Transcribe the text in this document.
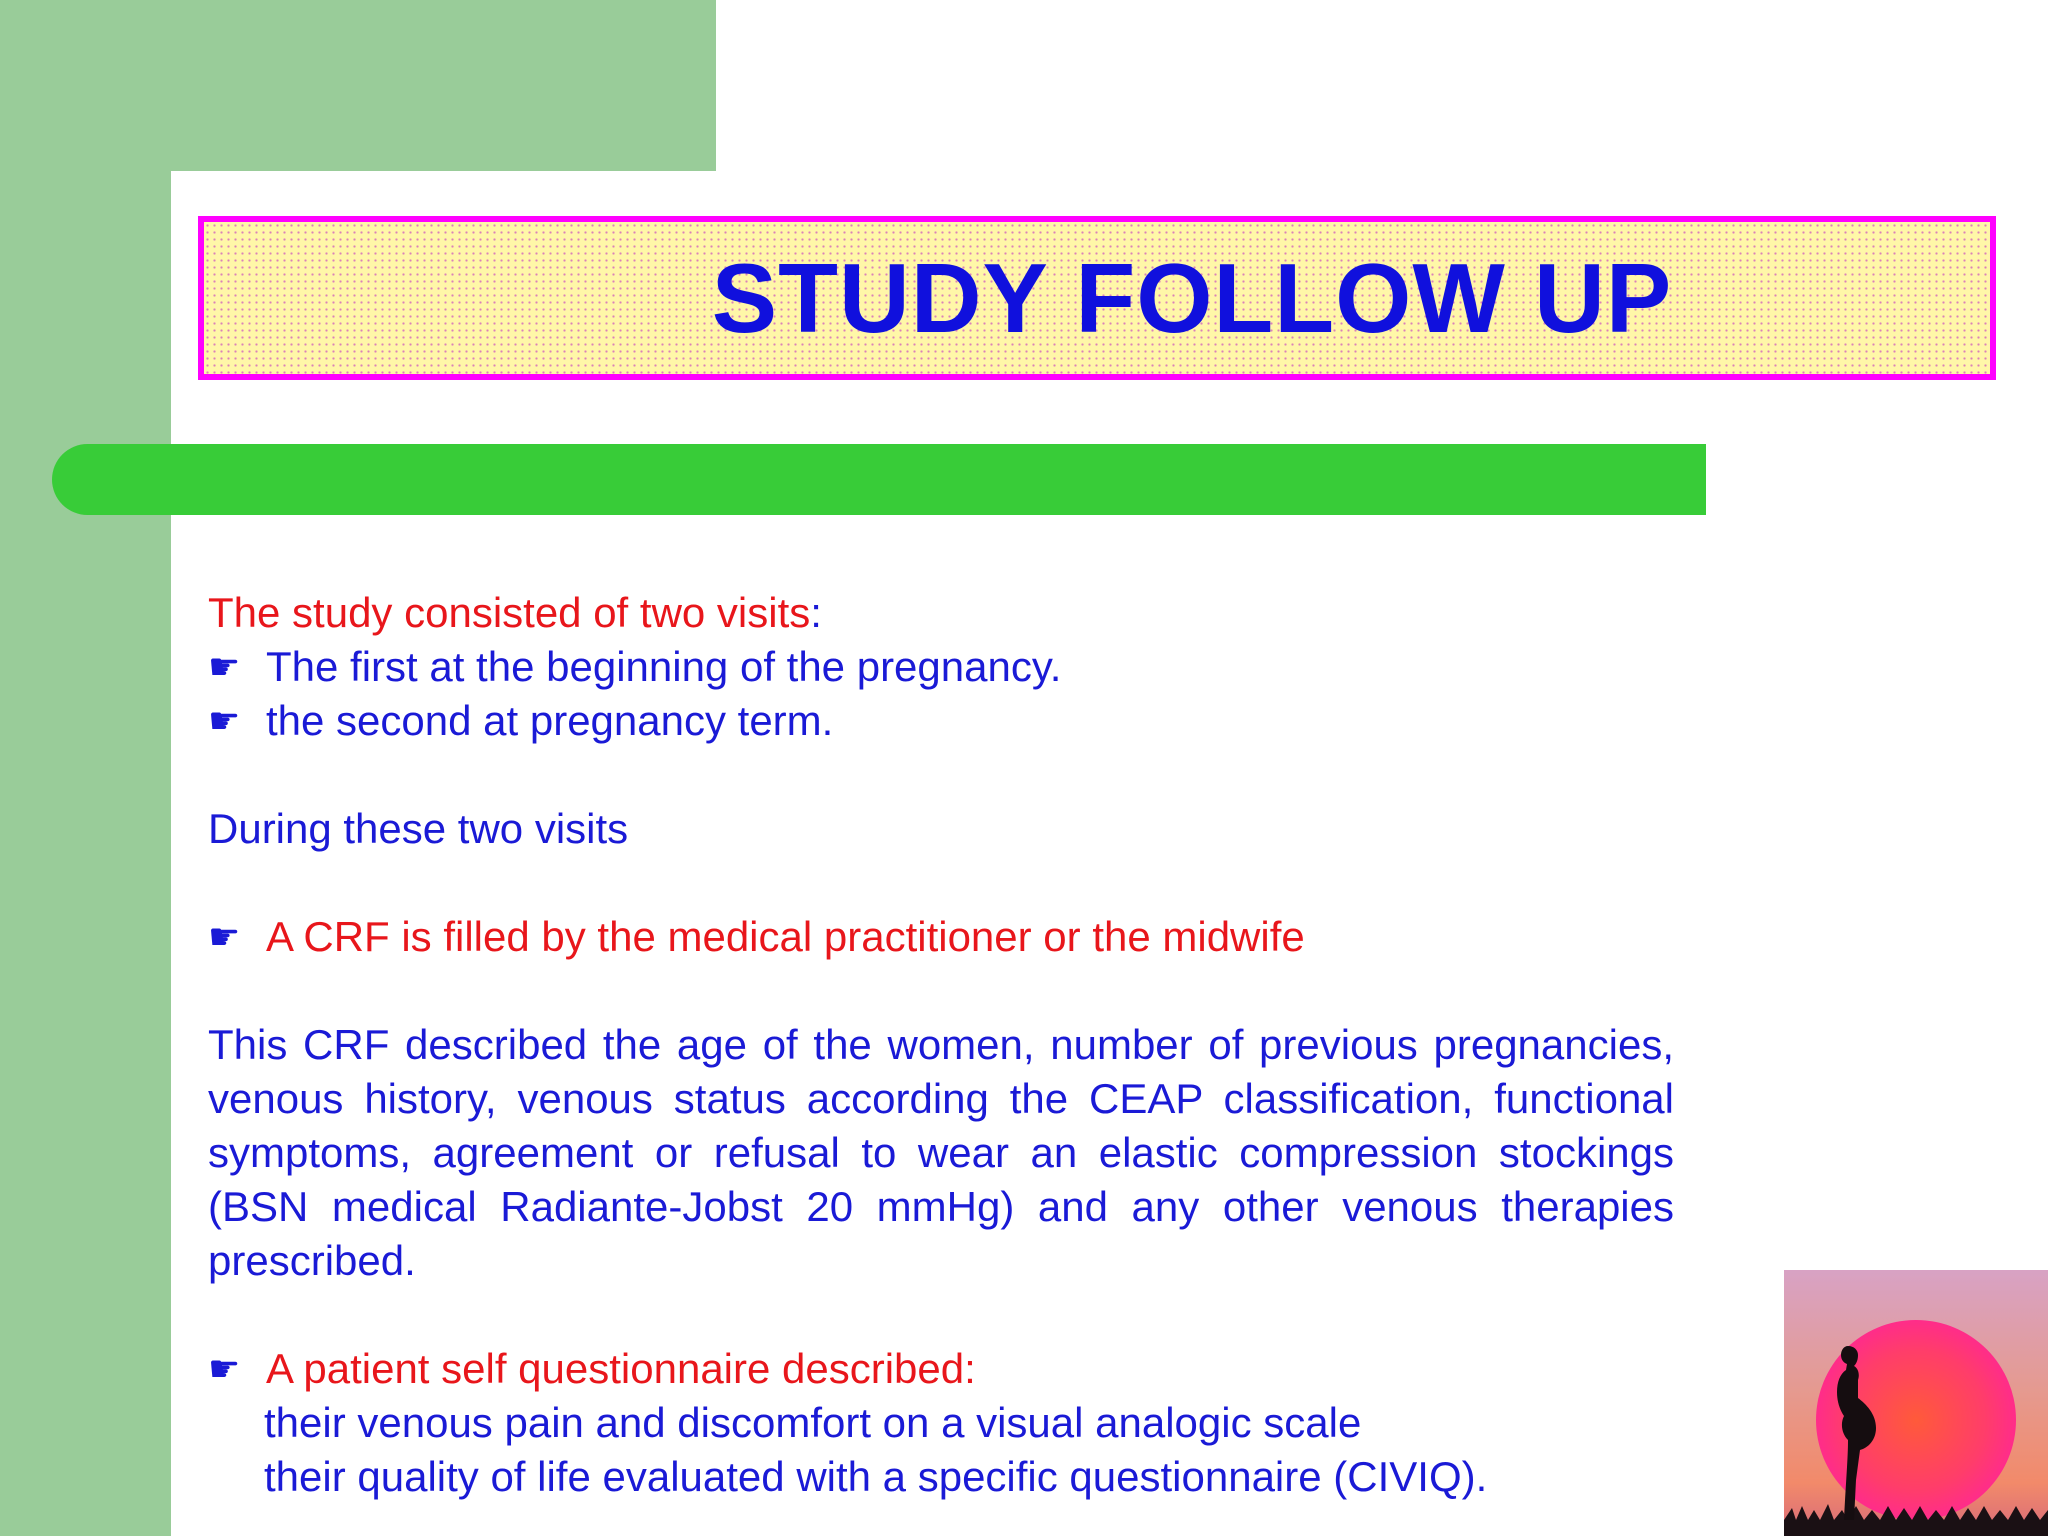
STUDY FOLLOW UP
The study consisted of two visits:
☛ The first at the beginning of the pregnancy.
☛ the second at pregnancy term.
During these two visits
☛ A CRF is filled by the medical practitioner or the midwife
This CRF described the age of the women, number of previous pregnancies, venous history, venous status according the CEAP classification, functional symptoms, agreement or refusal to wear an elastic compression stockings (BSN medical Radiante-Jobst 20 mmHg) and any other venous therapies prescribed.
☛ A patient self questionnaire described:
their venous pain and discomfort on a visual analogic scale
their quality of life evaluated with a specific questionnaire (CIVIQ).
